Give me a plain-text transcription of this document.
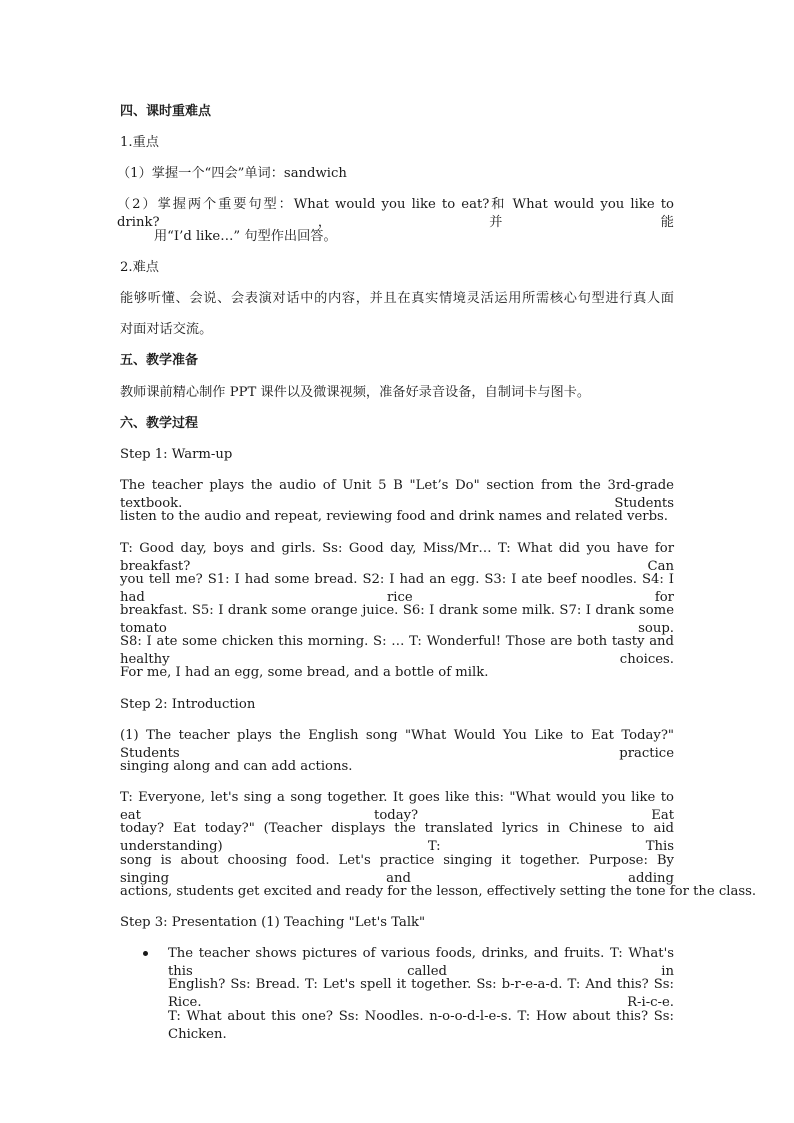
四、课时重难点
1.重点
（1）掌握一个“四会”单词：sandwich
（2）掌握两个重要句型：What would you like to eat?和 What would you like to drink?，并能
用“I’d like…” 句型作出回答。
2.难点
能够听懂、会说、会表演对话中的内容，并且在真实情境灵活运用所需核心句型进行真人面
对面对话交流。
五、教学准备
教师课前精心制作 PPT 课件以及微课视频，准备好录音设备，自制词卡与图卡。
六、教学过程
Step 1: Warm-up
The teacher plays the audio of Unit 5 B "Let’s Do" section from the 3rd-grade textbook. Students
listen to the audio and repeat, reviewing food and drink names and related verbs.
T: Good day, boys and girls. Ss: Good day, Miss/Mr… T: What did you have for breakfast? Can
you tell me? S1: I had some bread. S2: I had an egg. S3: I ate beef noodles. S4: I had rice for
breakfast. S5: I drank some orange juice. S6: I drank some milk. S7: I drank some tomato soup.
S8: I ate some chicken this morning. S: … T: Wonderful! Those are both tasty and healthy choices.
For me, I had an egg, some bread, and a bottle of milk.
Step 2: Introduction
(1) The teacher plays the English song "What Would You Like to Eat Today?" Students practice
singing along and can add actions.
T: Everyone, let's sing a song together. It goes like this: "What would you like to eat today? Eat
today? Eat today?" (Teacher displays the translated lyrics in Chinese to aid understanding) T: This
song is about choosing food. Let's practice singing it together. Purpose: By singing and adding
actions, students get excited and ready for the lesson, effectively setting the tone for the class.
Step 3: Presentation (1) Teaching "Let's Talk"
The teacher shows pictures of various foods, drinks, and fruits. T: What's this called in
English? Ss: Bread. T: Let's spell it together. Ss: b-r-e-a-d. T: And this? Ss: Rice. R-i-c-e.
T: What about this one? Ss: Noodles. n-o-o-d-l-e-s. T: How about this? Ss: Chicken.
